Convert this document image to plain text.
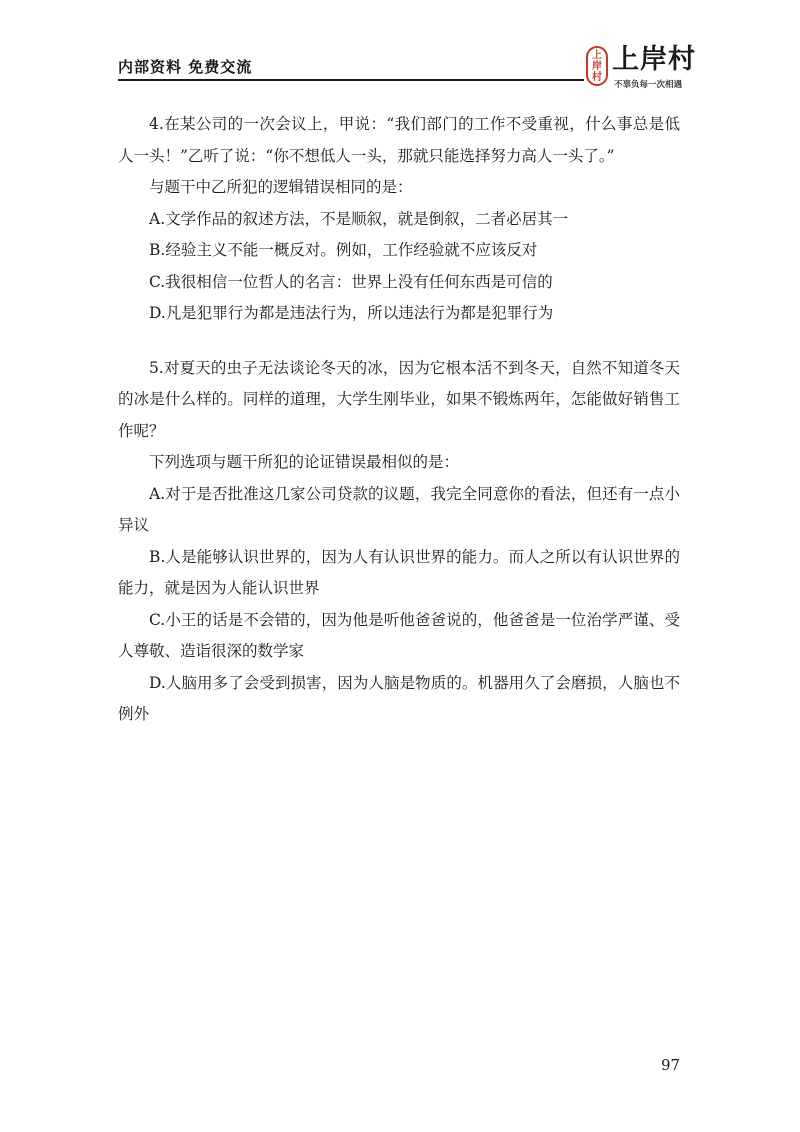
内部资料 免费交流
上
岸
村
上岸村
不辜负每一次相遇

4.在某公司的一次会议上，甲说：“我们部门的工作不受重视，什么事总是低人一头！”乙听了说：“你不想低人一头，那就只能选择努力高人一头了。”

与题干中乙所犯的逻辑错误相同的是：

A.文学作品的叙述方法，不是顺叙，就是倒叙，二者必居其一

B.经验主义不能一概反对。例如，工作经验就不应该反对

C.我很相信一位哲人的名言：世界上没有任何东西是可信的

D.凡是犯罪行为都是违法行为，所以违法行为都是犯罪行为

5.对夏天的虫子无法谈论冬天的冰，因为它根本活不到冬天，自然不知道冬天的冰是什么样的。同样的道理，大学生刚毕业，如果不锻炼两年，怎能做好销售工作呢？

下列选项与题干所犯的论证错误最相似的是：

A.对于是否批准这几家公司贷款的议题，我完全同意你的看法，但还有一点小异议

B.人是能够认识世界的，因为人有认识世界的能力。而人之所以有认识世界的能力，就是因为人能认识世界

C.小王的话是不会错的，因为他是听他爸爸说的，他爸爸是一位治学严谨、受人尊敬、造诣很深的数学家

D.人脑用多了会受到损害，因为人脑是物质的。机器用久了会磨损，人脑也不例外

97
